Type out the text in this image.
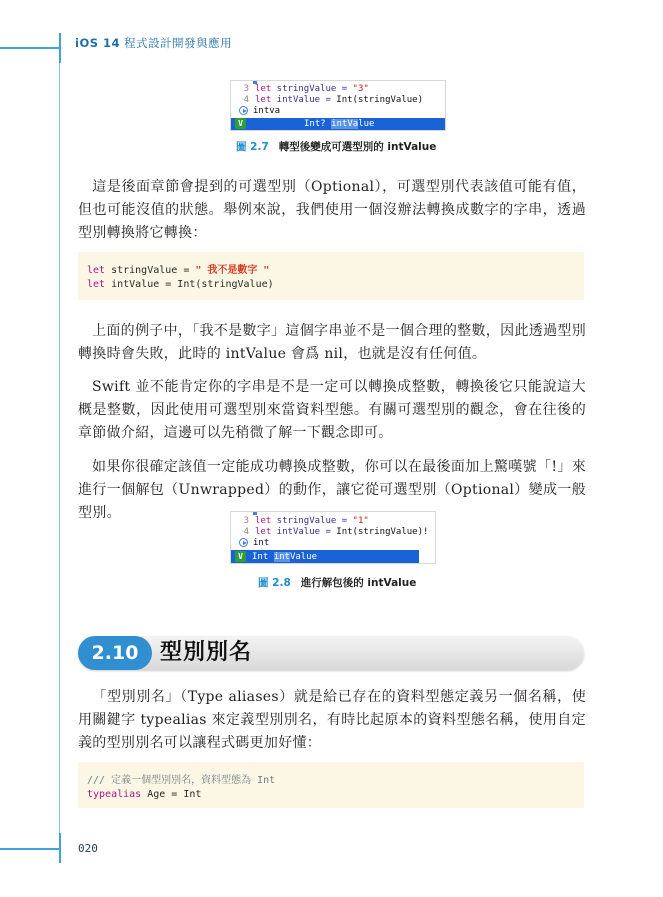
iOS 14 程式設計開發與應用
3 let stringValue = "3"
4 let intValue = Int(stringValue)
intva
V	Int? intValue
圖 2.7 轉型後變成可選型別的 intValue
這是後面章節會提到的可選型別（Optional），可選型別代表該值可能有值，但也可能沒值的狀態。舉例來說，我們使用一個沒辦法轉換成數字的字串，透過型別轉換將它轉換：
let stringValue = " 我不是數字 "
let intValue = Int(stringValue)
上面的例子中，「我不是數字」這個字串並不是一個合理的整數，因此透過型別轉換時會失敗，此時的 intValue 會爲 nil，也就是沒有任何值。
Swift 並不能肯定你的字串是不是一定可以轉換成整數，轉換後它只能說這大概是整數，因此使用可選型別來當資料型態。有關可選型別的觀念，會在往後的章節做介紹，這邊可以先稍微了解一下觀念即可。
如果你很確定該值一定能成功轉換成整數，你可以在最後面加上驚嘆號「!」來進行一個解包（Unwrapped）的動作，讓它從可選型別（Optional）變成一般型別。	3 let stringValue = "1"
4 let intValue = Int(stringValue)!
int
V Int intValue
圖 2.8 進行解包後的 intValue
2.10 型別別名
「型別別名」（Type aliases）就是給已存在的資料型態定義另一個名稱，使用關鍵字 typealias 來定義型別別名，有時比起原本的資料型態名稱，使用自定義的型別別名可以讓程式碼更加好懂：
/// 定義一個型別別名，資料型態為 Int
typealias Age = Int
020
